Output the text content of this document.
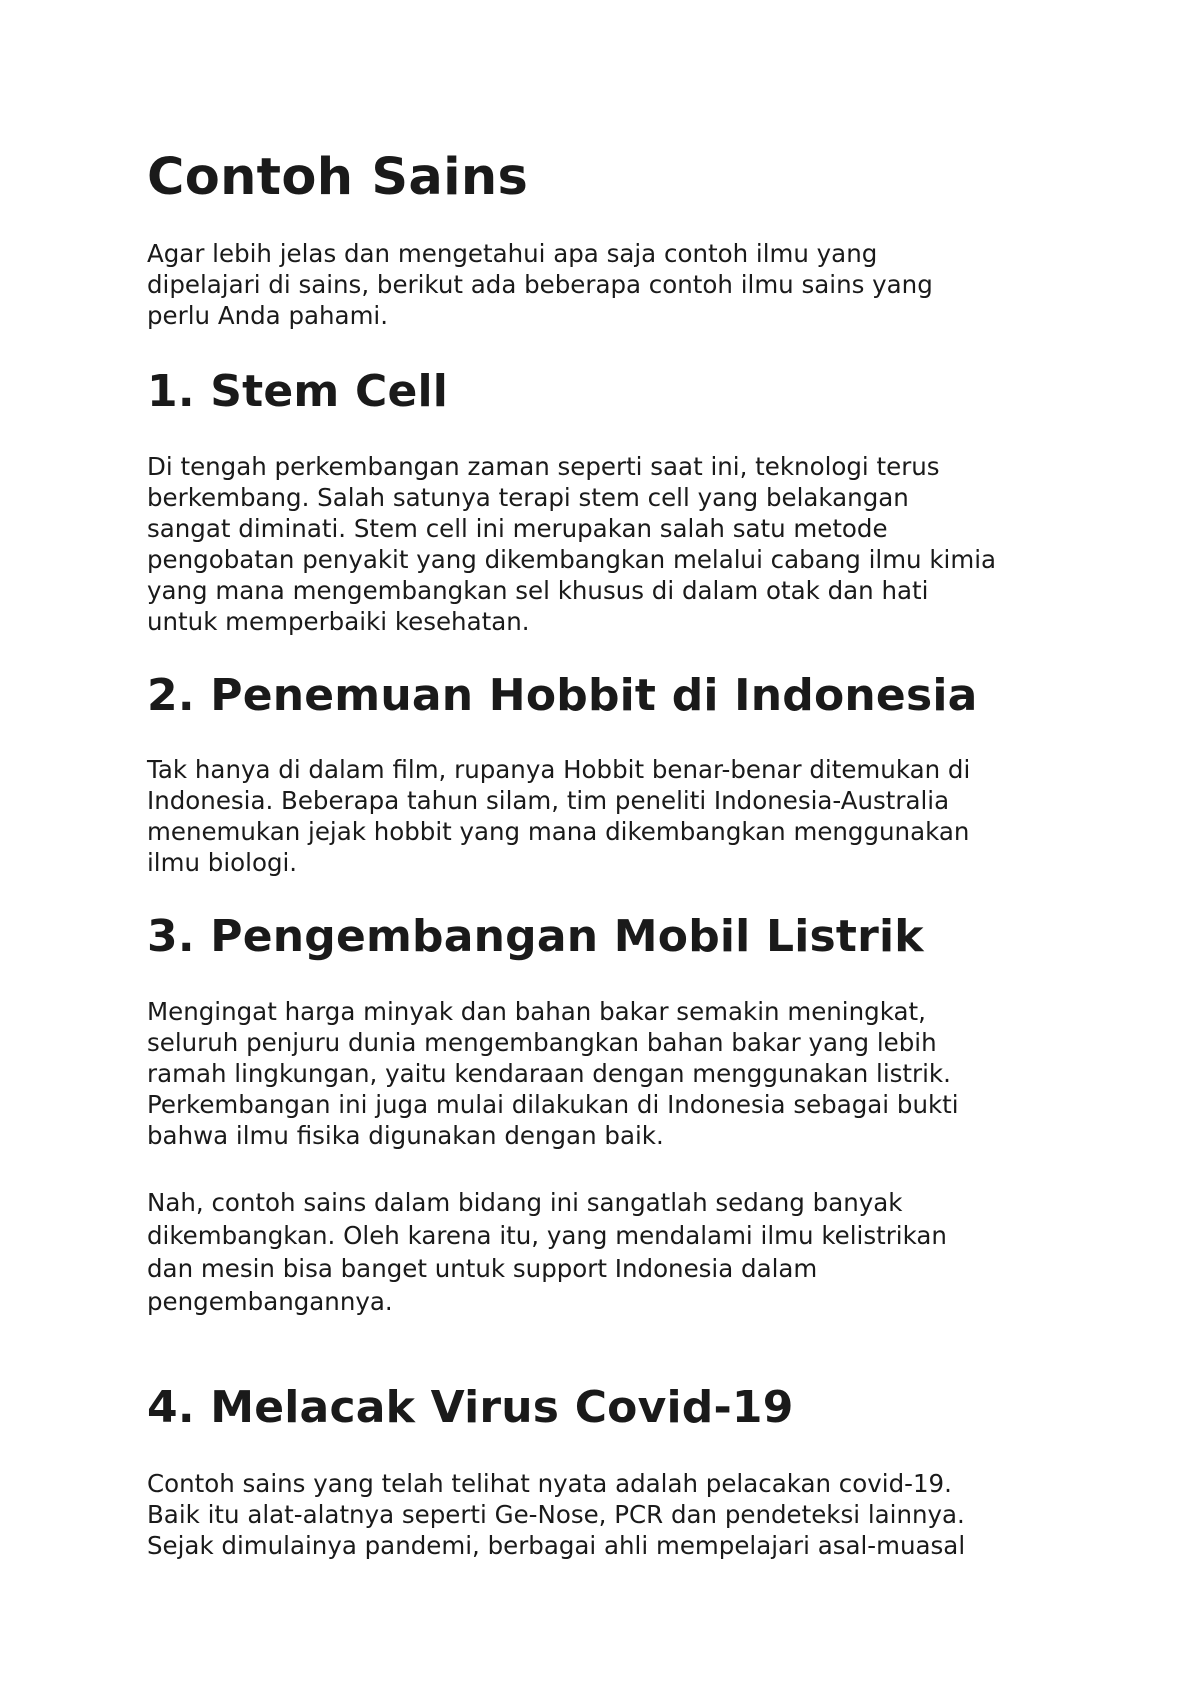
Contoh Sains

Agar lebih jelas dan mengetahui apa saja contoh ilmu yang
dipelajari di sains, berikut ada beberapa contoh ilmu sains yang
perlu Anda pahami.

1. Stem Cell

Di tengah perkembangan zaman seperti saat ini, teknologi terus
berkembang. Salah satunya terapi stem cell yang belakangan
sangat diminati. Stem cell ini merupakan salah satu metode
pengobatan penyakit yang dikembangkan melalui cabang ilmu kimia
yang mana mengembangkan sel khusus di dalam otak dan hati
untuk memperbaiki kesehatan.

2. Penemuan Hobbit di Indonesia

Tak hanya di dalam film, rupanya Hobbit benar-benar ditemukan di
Indonesia. Beberapa tahun silam, tim peneliti Indonesia-Australia
menemukan jejak hobbit yang mana dikembangkan menggunakan
ilmu biologi.

3. Pengembangan Mobil Listrik

Mengingat harga minyak dan bahan bakar semakin meningkat,
seluruh penjuru dunia mengembangkan bahan bakar yang lebih
ramah lingkungan, yaitu kendaraan dengan menggunakan listrik.
Perkembangan ini juga mulai dilakukan di Indonesia sebagai bukti
bahwa ilmu fisika digunakan dengan baik.

Nah, contoh sains dalam bidang ini sangatlah sedang banyak
dikembangkan. Oleh karena itu, yang mendalami ilmu kelistrikan
dan mesin bisa banget untuk support Indonesia dalam
pengembangannya.

4. Melacak Virus Covid-19

Contoh sains yang telah telihat nyata adalah pelacakan covid-19.
Baik itu alat-alatnya seperti Ge-Nose, PCR dan pendeteksi lainnya.
Sejak dimulainya pandemi, berbagai ahli mempelajari asal-muasal
